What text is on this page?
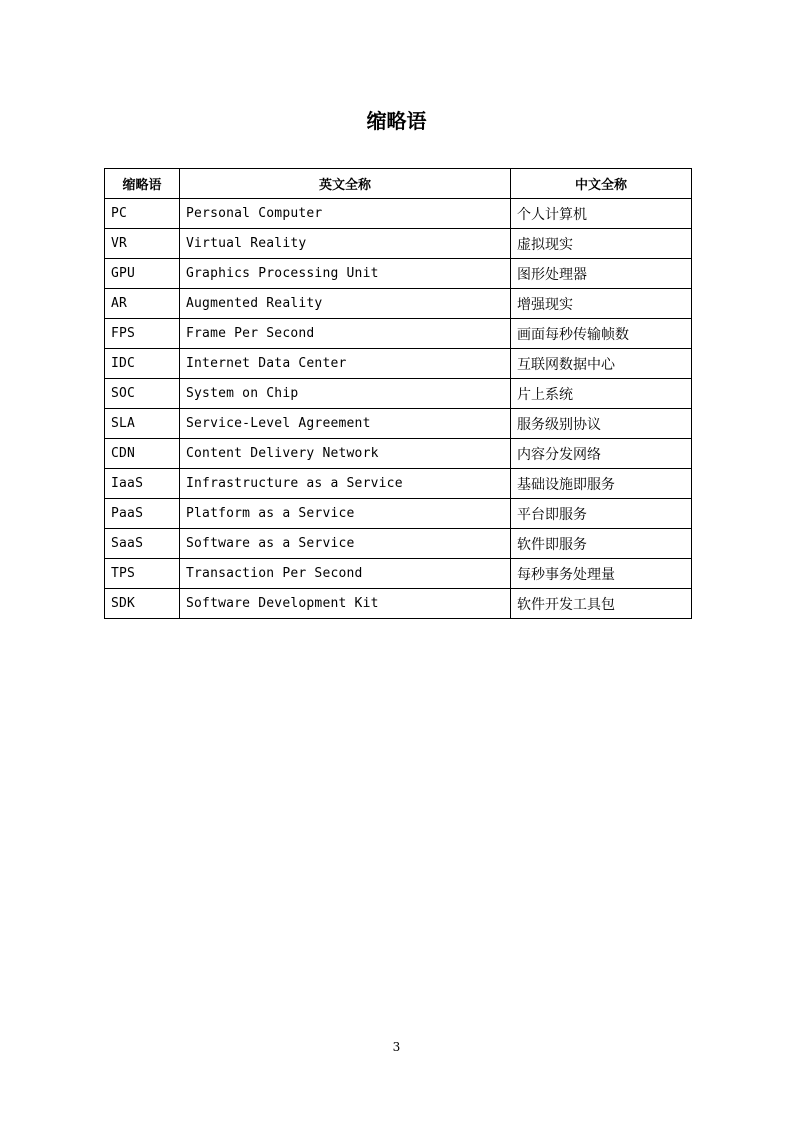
缩略语
缩略语	英文全称	中文全称
PC	Personal Computer	个人计算机
VR	Virtual Reality	虚拟现实
GPU	Graphics Processing Unit	图形处理器
AR	Augmented Reality	增强现实
FPS	Frame Per Second	画面每秒传输帧数
IDC	Internet Data Center	互联网数据中心
SOC	System on Chip	片上系统
SLA	Service-Level Agreement	服务级别协议
CDN	Content Delivery Network	内容分发网络
IaaS	Infrastructure as a Service	基础设施即服务
PaaS	Platform as a Service	平台即服务
SaaS	Software as a Service	软件即服务
TPS	Transaction Per Second	每秒事务处理量
SDK	Software Development Kit	软件开发工具包
3
